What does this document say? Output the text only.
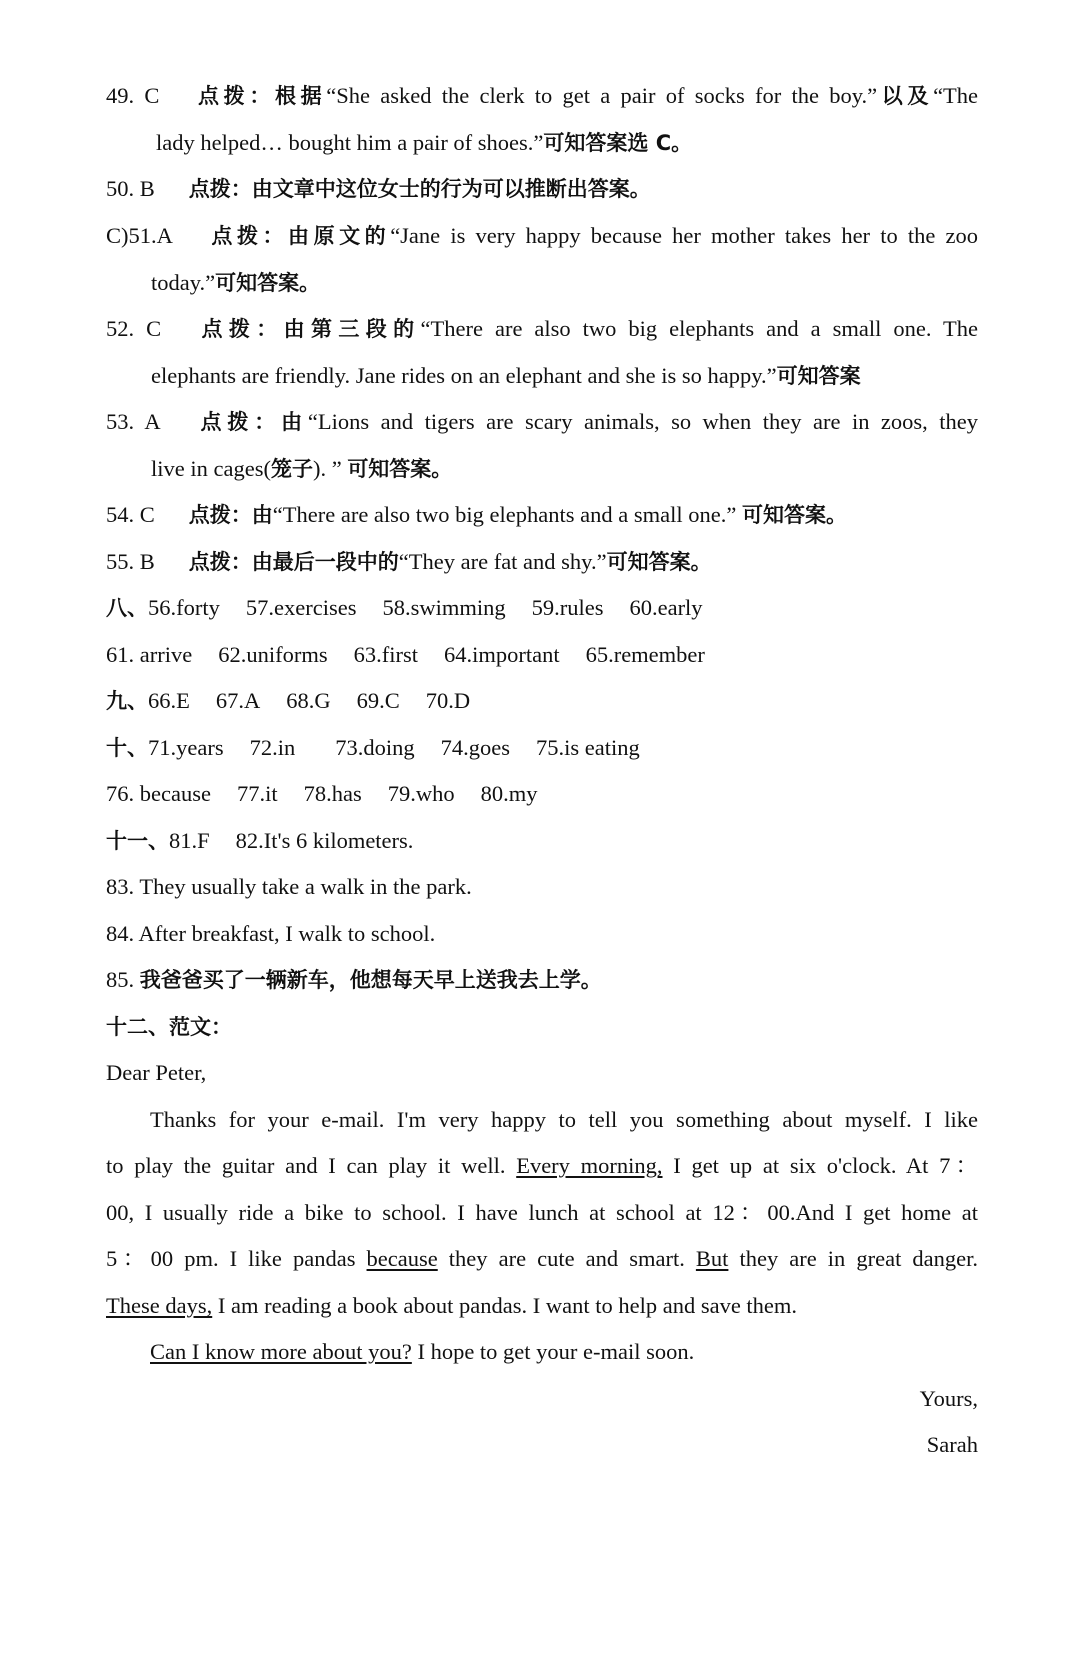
49. C 点拨：根据“She asked the clerk to get a pair of socks for the boy.”以及“The
lady helped… bought him a pair of shoes.”可知答案选 C。
50. B 点拨：由文章中这位女士的行为可以推断出答案。
C)51.A 点拨：由原文的“Jane is very happy because her mother takes her to the zoo
today.”可知答案。
52. C 点拨：由第三段的“There are also two big elephants and a small one. The
elephants are friendly. Jane rides on an elephant and she is so happy.”可知答案
53. A 点拨：由“Lions and tigers are scary animals, so when they are in zoos, they
live in cages(笼子). ” 可知答案。
54. C 点拨：由“There are also two big elephants and a small one.” 可知答案。
55. B 点拨：由最后一段中的“They are fat and shy.”可知答案。
八、56.forty 57.exercises 58.swimming 59.rules 60.early
61. arrive 62.uniforms 63.first 64.important 65.remember
九、66.E 67.A 68.G 69.C 70.D
十、71.years 72.in 73.doing 74.goes 75.is eating
76. because 77.it 78.has 79.who 80.my
十一、81.F 82.It's 6 kilometers.
83. They usually take a walk in the park.
84. After breakfast, I walk to school.
85. 我爸爸买了一辆新车，他想每天早上送我去上学。
十二、范文：
Dear Peter,
Thanks for your e-mail. I'm very happy to tell you something about myself. I like
to play the guitar and I can play it well. Every morning, I get up at six o'clock. At 7：
00, I usually ride a bike to school. I have lunch at school at 12：00.And I get home at
5：00 pm. I like pandas because they are cute and smart. But they are in great danger.
These days, I am reading a book about pandas. I want to help and save them.
Can I know more about you? I hope to get your e-mail soon.
Yours,
Sarah
